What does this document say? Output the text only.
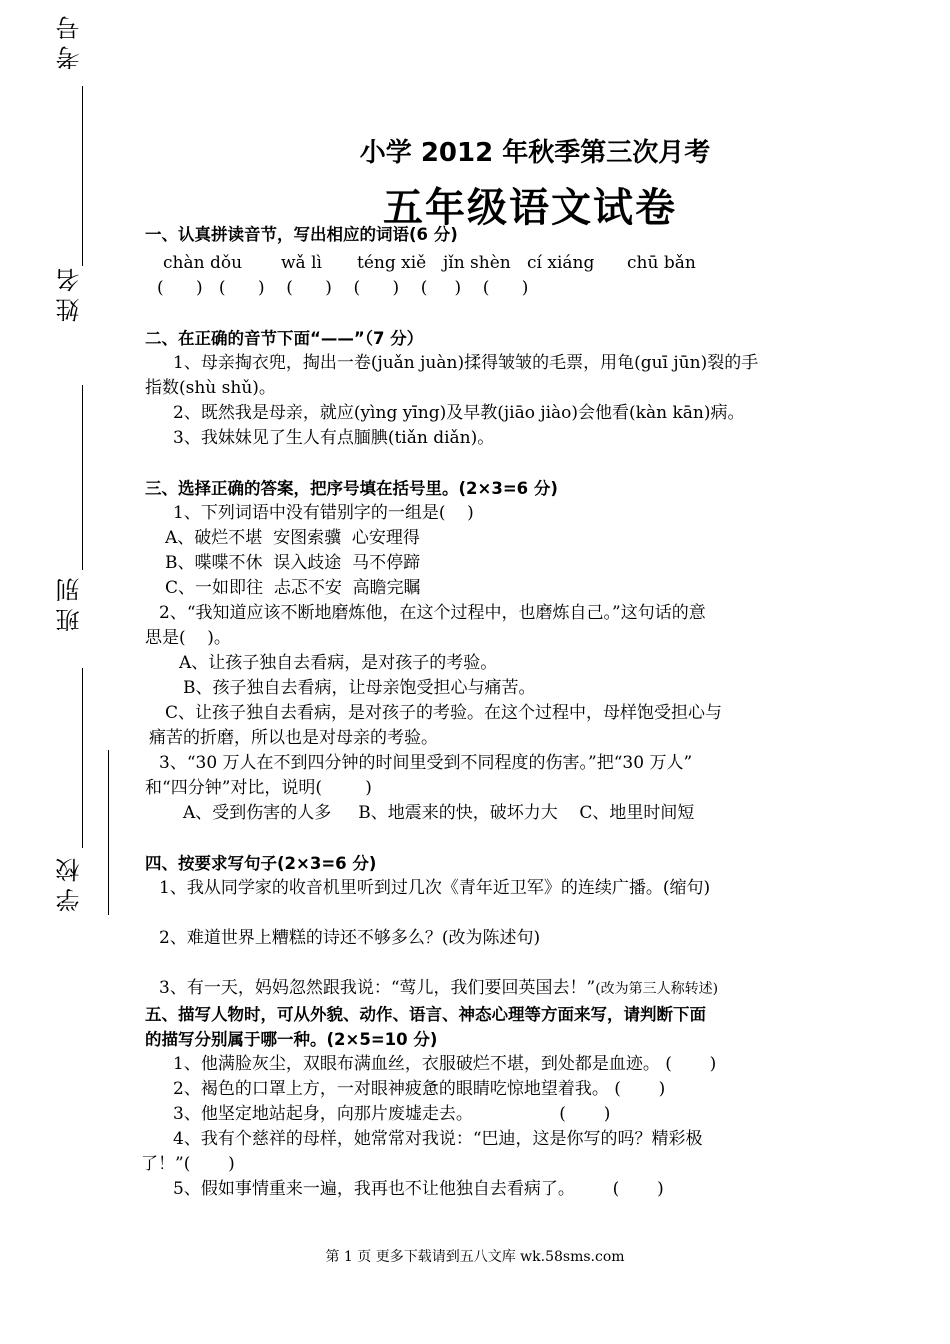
考号
姓名
班别
学校
小学 2012 年秋季第三次月考
五年级语文试卷

一、认真拼读音节，写出相应的词语(6 分)

chàn dǒu	wǎ lì	téng xiě jǐn shèn cí xiáng	chū bǎn

(      )   (      )    (      )    (      )    (     )    (      )

二、在正确的音节下面“——”（7 分）

1、母亲掏衣兜，掏出一卷(juǎn juàn)揉得皱皱的毛票，用龟(guī jūn)裂的手

指数(shù shǔ)。

2、既然我是母亲，就应(yìng yīng)及早教(jiāo jiào)会他看(kàn kān)病。

3、我妹妹见了生人有点腼腆(tiǎn diǎn)。

三、选择正确的答案，把序号填在括号里。(2×3=6 分)

1、下列词语中没有错别字的一组是(    )

A、破烂不堪  安图索骥  心安理得

B、喋喋不休  误入歧途  马不停蹄

C、一如即往  忐忑不安  高瞻完瞩

2、“我知道应该不断地磨炼他，在这个过程中，也磨炼自己。”这句话的意

思是(    )。

A、让孩子独自去看病，是对孩子的考验。

B、孩子独自去看病，让母亲饱受担心与痛苦。

C、让孩子独自去看病，是对孩子的考验。在这个过程中，母样饱受担心与

痛苦的折磨，所以也是对母亲的考验。

3、“30 万人在不到四分钟的时间里受到不同程度的伤害。”把“30 万人”

和“四分钟”对比，说明(        )

A、受到伤害的人多     B、地震来的快，破坏力大    C、地里时间短

四、按要求写句子(2×3=6 分)

1、我从同学家的收音机里听到过几次《青年近卫军》的连续广播。(缩句)

2、难道世界上糟糕的诗还不够多么？(改为陈述句)

3、有一天，妈妈忽然跟我说：“莺儿，我们要回英国去！”(改为第三人称转述)

五、描写人物时，可从外貌、动作、语言、神态心理等方面来写，请判断下面

的描写分别属于哪一种。(2×5=10 分)

1、他满脸灰尘，双眼布满血丝，衣服破烂不堪，到处都是血迹。 (       )

2、褐色的口罩上方，一对眼神疲惫的眼睛吃惊地望着我。 (       )

3、他坚定地站起身，向那片废墟走去。                (       )

4、我有个慈祥的母样，她常常对我说：“巴迪，这是你写的吗？精彩极

了！”(       )

5、假如事情重来一遍，我再也不让他独自去看病了。       (       )

第 1 页 更多下载请到五八文库 wk.58sms.com
